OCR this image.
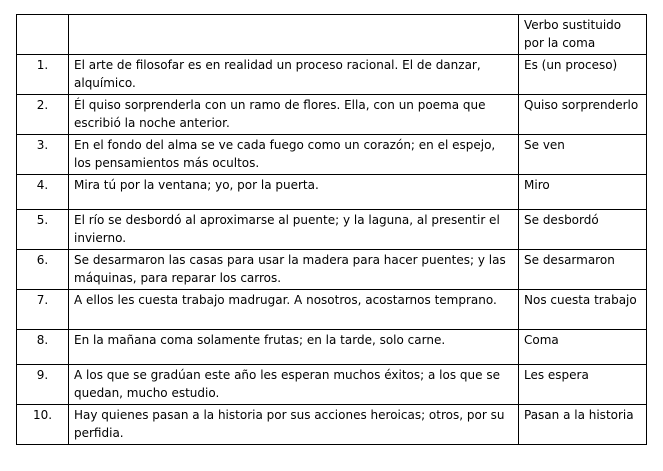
		Verbo sustituido por la coma
1.	El arte de filosofar es en realidad un proceso racional. El de danzar, alquímico.	Es (un proceso)
2.	Él quiso sorprenderla con un ramo de flores. Ella, con un poema que escribió la noche anterior.	Quiso sorprenderlo
3.	En el fondo del alma se ve cada fuego como un corazón; en el espejo, los pensamientos más ocultos.	Se ven
4.	Mira tú por la ventana; yo, por la puerta.	Miro
5.	El río se desbordó al aproximarse al puente; y la laguna, al presentir el invierno.	Se desbordó
6.	Se desarmaron las casas para usar la madera para hacer puentes; y las máquinas, para reparar los carros.	Se desarmaron
7.	A ellos les cuesta trabajo madrugar. A nosotros, acostarnos temprano.	Nos cuesta trabajo
8.	En la mañana coma solamente frutas; en la tarde, solo carne.	Coma
9.	A los que se gradúan este año les esperan muchos éxitos; a los que se quedan, mucho estudio.	Les espera
10.	Hay quienes pasan a la historia por sus acciones heroicas; otros, por su perfidia.	Pasan a la historia
